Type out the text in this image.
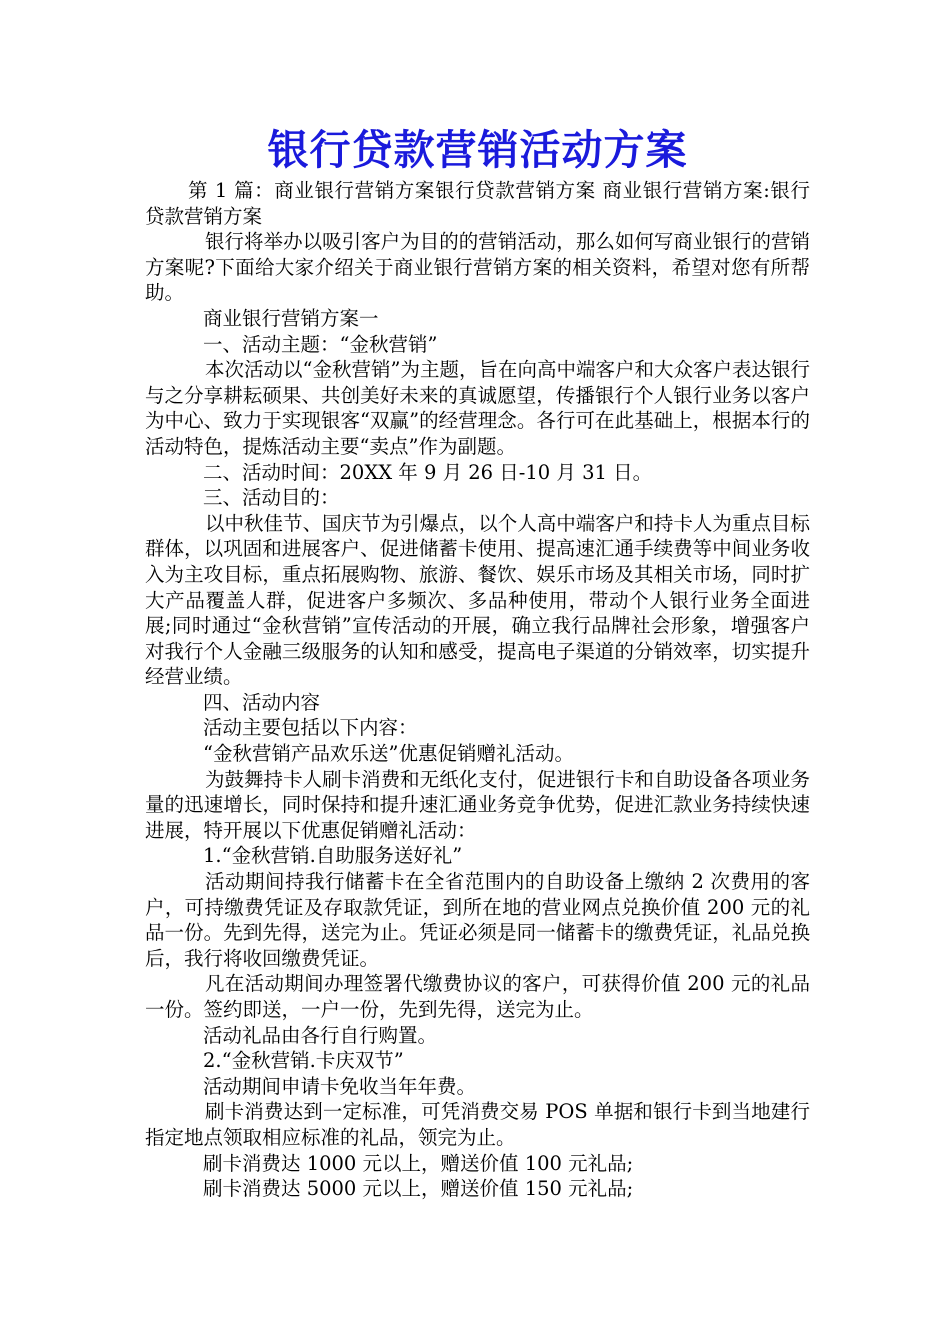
银行贷款营销活动方案

第 1 篇：商业银行营销方案银行贷款营销方案 商业银行营销方案:银行贷款营销方案

银行将举办以吸引客户为目的的营销活动，那么如何写商业银行的营销方案呢?下面给大家介绍关于商业银行营销方案的相关资料，希望对您有所帮助。

商业银行营销方案一

一、活动主题：“金秋营销”

本次活动以“金秋营销”为主题，旨在向高中端客户和大众客户表达银行与之分享耕耘硕果、共创美好未来的真诚愿望，传播银行个人银行业务以客户为中心、致力于实现银客“双赢”的经营理念。各行可在此基础上，根据本行的活动特色，提炼活动主要“卖点”作为副题。

二、活动时间：20XX 年 9 月 26 日-10 月 31 日。

三、活动目的：

以中秋佳节、国庆节为引爆点，以个人高中端客户和持卡人为重点目标群体，以巩固和进展客户、促进储蓄卡使用、提高速汇通手续费等中间业务收入为主攻目标，重点拓展购物、旅游、餐饮、娱乐市场及其相关市场，同时扩大产品覆盖人群，促进客户多频次、多品种使用，带动个人银行业务全面进展;同时通过“金秋营销”宣传活动的开展，确立我行品牌社会形象，增强客户对我行个人金融三级服务的认知和感受，提高电子渠道的分销效率，切实提升经营业绩。

四、活动内容

活动主要包括以下内容：

“金秋营销产品欢乐送”优惠促销赠礼活动。

为鼓舞持卡人刷卡消费和无纸化支付，促进银行卡和自助设备各项业务量的迅速增长，同时保持和提升速汇通业务竞争优势，促进汇款业务持续快速进展，特开展以下优惠促销赠礼活动：

1.“金秋营销.自助服务送好礼”

活动期间持我行储蓄卡在全省范围内的自助设备上缴纳 2 次费用的客户，可持缴费凭证及存取款凭证，到所在地的营业网点兑换价值 200 元的礼品一份。先到先得，送完为止。凭证必须是同一储蓄卡的缴费凭证，礼品兑换后，我行将收回缴费凭证。

凡在活动期间办理签署代缴费协议的客户，可获得价值 200 元的礼品一份。签约即送，一户一份，先到先得，送完为止。

活动礼品由各行自行购置。

2.“金秋营销.卡庆双节”

活动期间申请卡免收当年年费。

刷卡消费达到一定标准，可凭消费交易 POS 单据和银行卡到当地建行指定地点领取相应标准的礼品，领完为止。

刷卡消费达 1000 元以上，赠送价值 100 元礼品;

刷卡消费达 5000 元以上，赠送价值 150 元礼品;
